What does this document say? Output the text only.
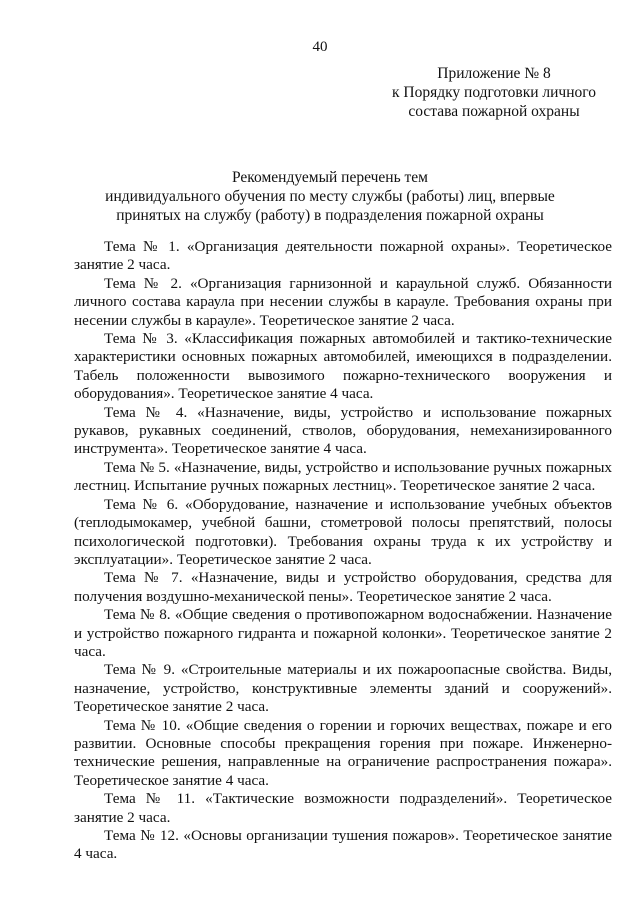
40
Приложение № 8
к Порядку подготовки личного
состава пожарной охраны
Рекомендуемый перечень тем
индивидуального обучения по месту службы (работы) лиц, впервые
принятых на службу (работу) в подразделения пожарной охраны

Тема № 1. «Организация деятельности пожарной охраны». Теоретическое занятие 2 часа.

Тема № 2. «Организация гарнизонной и караульной служб. Обязанности личного состава караула при несении службы в карауле. Требования охраны при несении службы в карауле». Теоретическое занятие 2 часа.

Тема № 3. «Классификация пожарных автомобилей и тактико-технические характеристики основных пожарных автомобилей, имеющихся в подразделении. Табель положенности вывозимого пожарно-технического вооружения и оборудования». Теоретическое занятие 4 часа.

Тема № 4. «Назначение, виды, устройство и использование пожарных рукавов, рукавных соединений, стволов, оборудования, немеханизированного инструмента». Теоретическое занятие 4 часа.

Тема № 5. «Назначение, виды, устройство и использование ручных пожарных лестниц. Испытание ручных пожарных лестниц». Теоретическое занятие 2 часа.

Тема № 6. «Оборудование, назначение и использование учебных объектов (теплодымокамер, учебной башни, стометровой полосы препятствий, полосы психологической подготовки). Требования охраны труда к их устройству и эксплуатации». Теоретическое занятие 2 часа.

Тема № 7. «Назначение, виды и устройство оборудования, средства для получения воздушно-механической пены». Теоретическое занятие 2 часа.

Тема № 8. «Общие сведения о противопожарном водоснабжении. Назначение и устройство пожарного гидранта и пожарной колонки». Теоретическое занятие 2 часа.

Тема № 9. «Строительные материалы и их пожароопасные свойства. Виды, назначение, устройство, конструктивные элементы зданий и сооружений». Теоретическое занятие 2 часа.

Тема № 10. «Общие сведения о горении и горючих веществах, пожаре и его развитии. Основные способы прекращения горения при пожаре. Инженерно-технические решения, направленные на ограничение распространения пожара». Теоретическое занятие 4 часа.

Тема № 11. «Тактические возможности подразделений». Теоретическое занятие 2 часа.

Тема № 12. «Основы организации тушения пожаров». Теоретическое занятие 4 часа.
